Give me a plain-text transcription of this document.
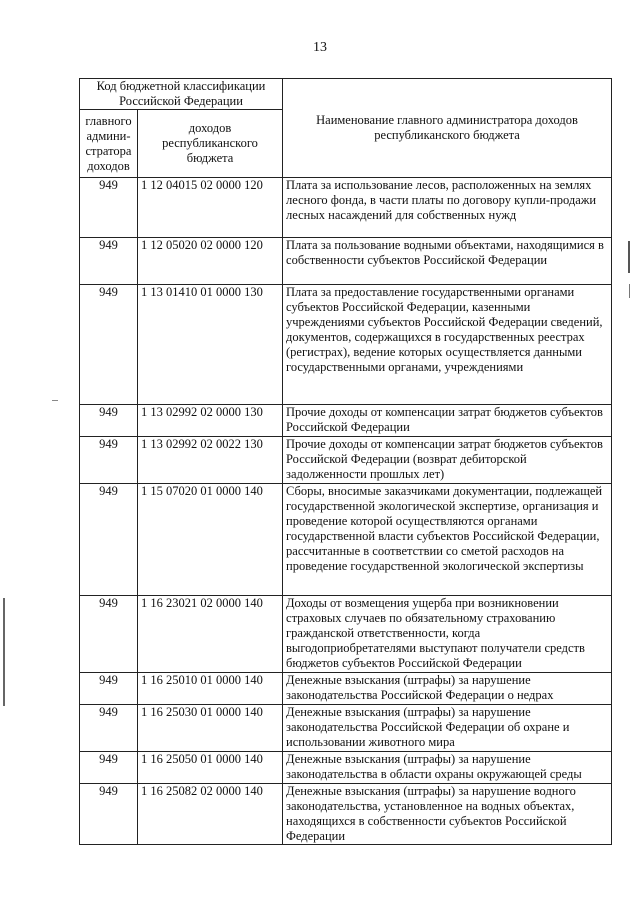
13
Код бюджетной классификации Российской Федерации		Наименование главного администратора доходов республиканского бюджета
главного админи-стратора доходов	доходов республиканского бюджета	
949	1 12 04015 02 0000 120	Плата за использование лесов, расположенных на землях лесного фонда, в части платы по договору купли-продажи лесных насаждений для собственных нужд
949	1 12 05020 02 0000 120	Плата за пользование водными объектами, находящимися в собственности субъектов Российской Федерации
949	1 13 01410 01 0000 130	Плата за предоставление государственными органами субъектов Российской Федерации, казенными учреждениями субъектов Российской Федерации сведений, документов, содержащихся в государственных реестрах (регистрах), ведение которых осуществляется данными государственными органами, учреждениями
949	1 13 02992 02 0000 130	Прочие доходы от компенсации затрат бюджетов субъектов Российской Федерации
949	1 13 02992 02 0022 130	Прочие доходы от компенсации затрат бюджетов субъектов Российской Федерации (возврат дебиторской задолженности прошлых лет)
949	1 15 07020 01 0000 140	Сборы, вносимые заказчиками документации, подлежащей государственной экологической экспертизе, организация и проведение которой осуществляются органами государственной власти субъектов Российской Федерации, рассчитанные в соответствии со сметой расходов на проведение государственной экологической экспертизы
949	1 16 23021 02 0000 140	Доходы от возмещения ущерба при возникновении страховых случаев по обязательному страхованию гражданской ответственности, когда выгодоприобретателями выступают получатели средств бюджетов субъектов Российской Федерации
949	1 16 25010 01 0000 140	Денежные взыскания (штрафы) за нарушение законодательства Российской Федерации о недрах
949	1 16 25030 01 0000 140	Денежные взыскания (штрафы) за нарушение законодательства Российской Федерации об охране и использовании животного мира
949	1 16 25050 01 0000 140	Денежные взыскания (штрафы) за нарушение законодательства в области охраны окружающей среды
949	1 16 25082 02 0000 140	Денежные взыскания (штрафы) за нарушение водного законодательства, установленное на водных объектах, находящихся в собственности субъектов Российской Федерации
